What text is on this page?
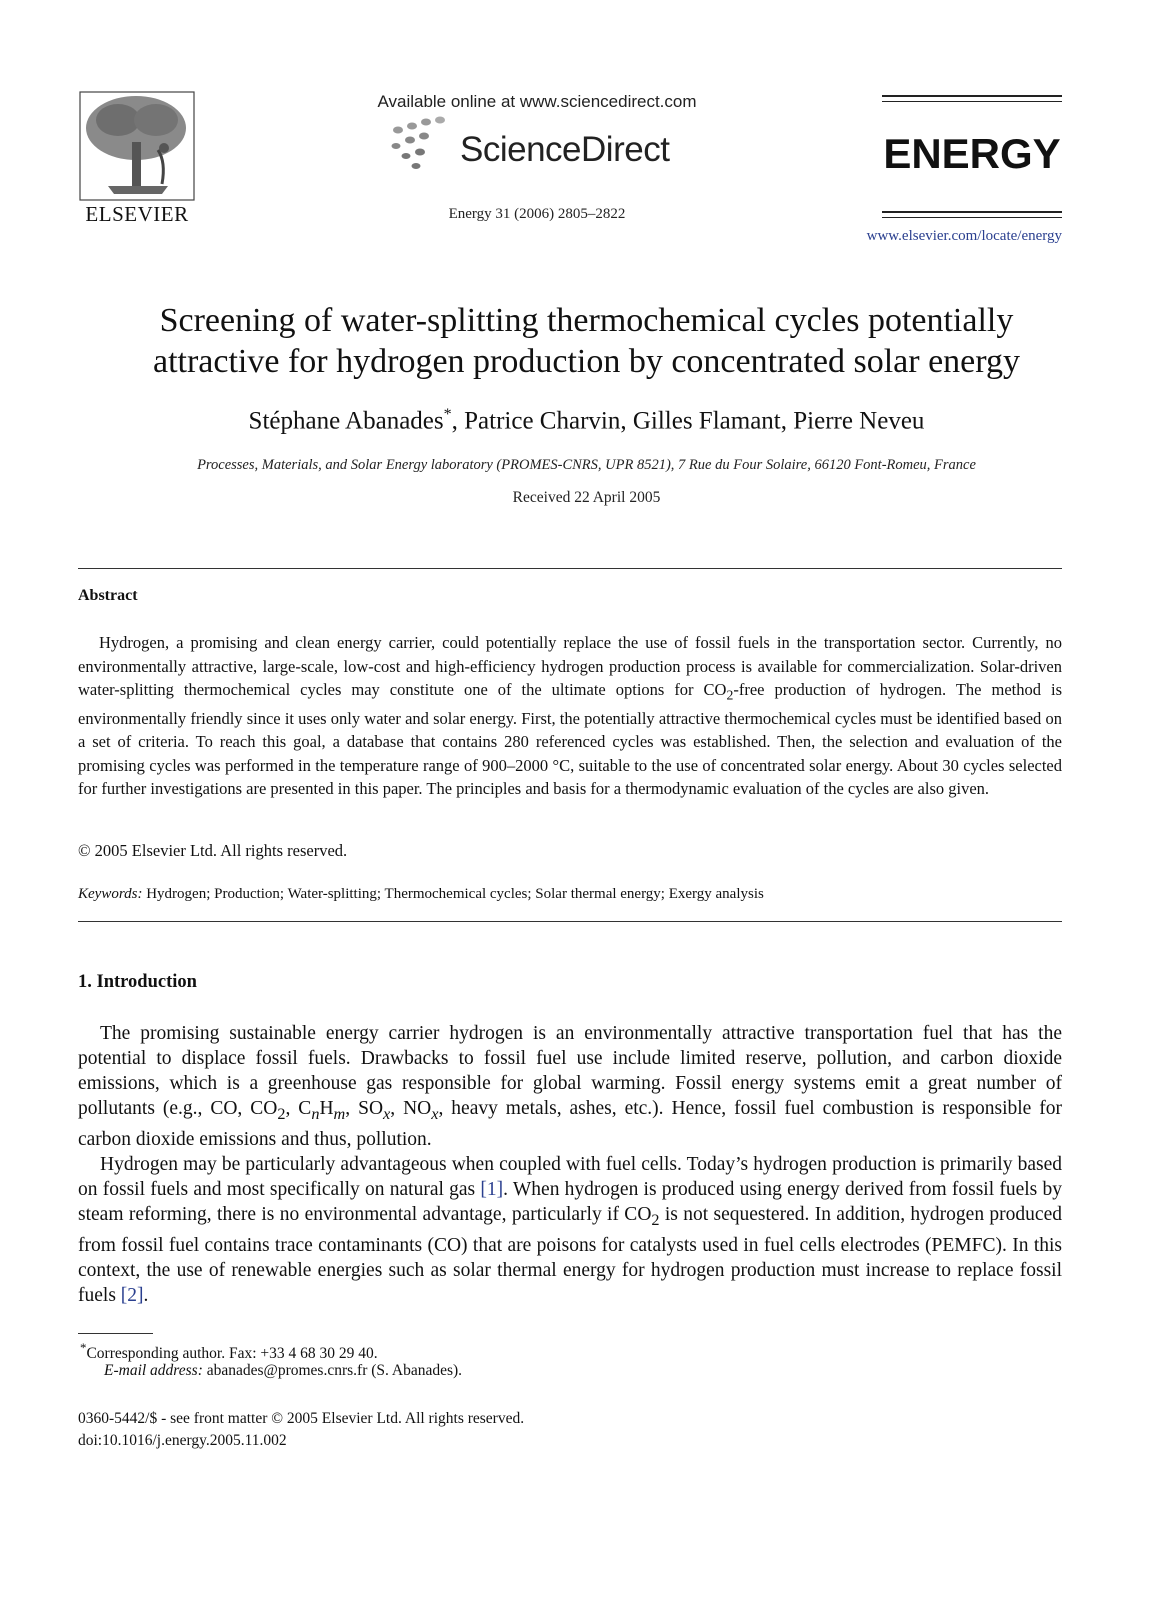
ELSEVIER
Available online at www.sciencedirect.com
ScienceDirect
Energy 31 (2006) 2805–2822
ENERGY
www.elsevier.com/locate/energy
Screening of water-splitting thermochemical cycles potentially
attractive for hydrogen production by concentrated solar energy
Stéphane Abanades*, Patrice Charvin, Gilles Flamant, Pierre Neveu
Processes, Materials, and Solar Energy laboratory (PROMES-CNRS, UPR 8521), 7 Rue du Four Solaire, 66120 Font-Romeu, France
Received 22 April 2005
Abstract

Hydrogen, a promising and clean energy carrier, could potentially replace the use of fossil fuels in the transportation sector. Currently, no environmentally attractive, large-scale, low-cost and high-efficiency hydrogen production process is available for commercialization. Solar-driven water-splitting thermochemical cycles may constitute one of the ultimate options for $CO_2$-free production of hydrogen. The method is environmentally friendly since it uses only water and solar energy. First, the potentially attractive thermochemical cycles must be identified based on a set of criteria. To reach this goal, a database that contains 280 referenced cycles was established. Then, the selection and evaluation of the promising cycles was performed in the temperature range of 900–2000 °C, suitable to the use of concentrated solar energy. About 30 cycles selected for further investigations are presented in this paper. The principles and basis for a thermodynamic evaluation of the cycles are also given.

© 2005 Elsevier Ltd. All rights reserved.
Keywords: Hydrogen; Production; Water-splitting; Thermochemical cycles; Solar thermal energy; Exergy analysis
1. Introduction

The promising sustainable energy carrier hydrogen is an environmentally attractive transportation fuel that has the potential to displace fossil fuels. Drawbacks to fossil fuel use include limited reserve, pollution, and carbon dioxide emissions, which is a greenhouse gas responsible for global warming. Fossil energy systems emit a great number of pollutants (e.g., CO, $CO_2$, $C_nH_m$, $SO_x$, $NO_x$, heavy metals, ashes, etc.). Hence, fossil fuel combustion is responsible for carbon dioxide emissions and thus, pollution.

Hydrogen may be particularly advantageous when coupled with fuel cells. Today’s hydrogen production is primarily based on fossil fuels and most specifically on natural gas [1]. When hydrogen is produced using energy derived from fossil fuels by steam reforming, there is no environmental advantage, particularly if $CO_2$ is not sequestered. In addition, hydrogen produced from fossil fuel contains trace contaminants (CO) that are poisons for catalysts used in fuel cells electrodes (PEMFC). In this context, the use of renewable energies such as solar thermal energy for hydrogen production must increase to replace fossil fuels [2].

*Corresponding author. Fax: +33 4 68 30 29 40.
E-mail address: abanades@promes.cnrs.fr (S. Abanades).
0360-5442/$ - see front matter © 2005 Elsevier Ltd. All rights reserved.
doi:10.1016/j.energy.2005.11.002
